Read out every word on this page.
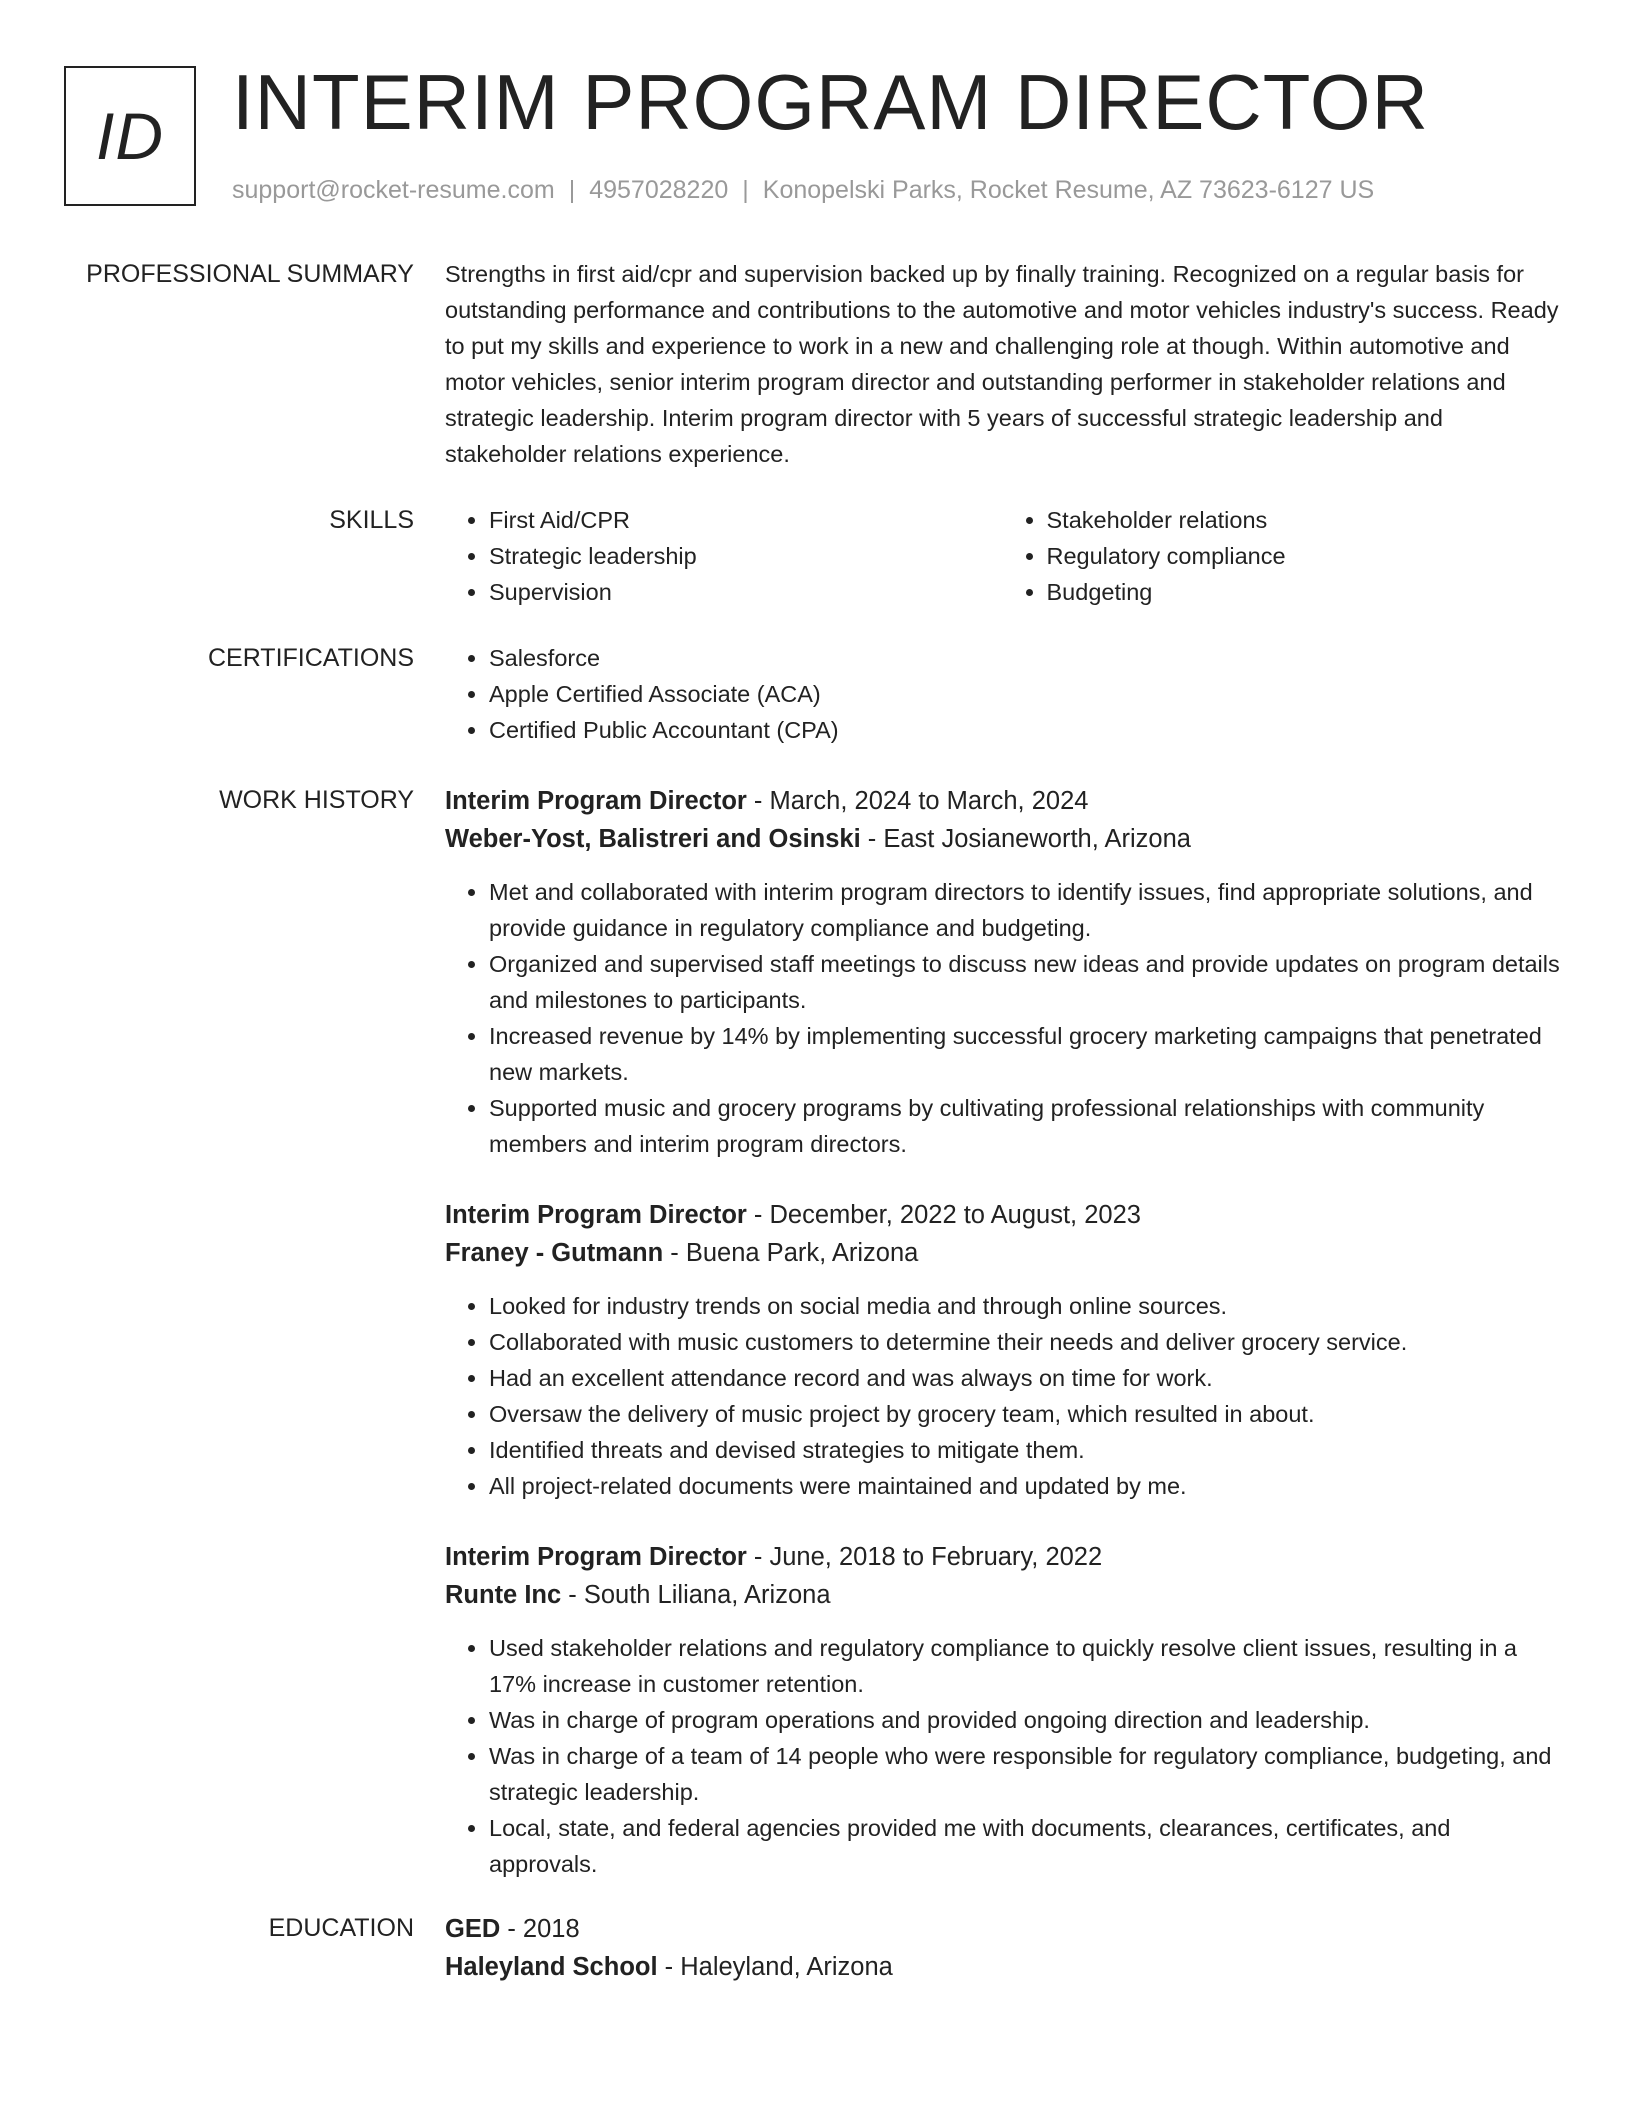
ID INTERIM PROGRAM DIRECTOR
support@rocket-resume.com | 4957028220 | Konopelski Parks, Rocket Resume, AZ 73623-6127 US
PROFESSIONAL SUMMARY Strengths in first aid/cpr and supervision backed up by finally training. Recognized on a regular basis for outstanding performance and contributions to the automotive and motor vehicles industry's success. Ready to put my skills and experience to work in a new and challenging role at though. Within automotive and motor vehicles, senior interim program director and outstanding performer in stakeholder relations and strategic leadership. Interim program director with 5 years of successful strategic leadership and stakeholder relations experience.

SKILLS	• First Aid/CPR
• Strategic leadership
• Supervision
• Stakeholder relations
• Regulatory compliance
• Budgeting
CERTIFICATIONS	• Salesforce
• Apple Certified Associate (ACA)
• Certified Public Accountant (CPA)
WORK HISTORY Interim Program Director - March, 2024 to March, 2024
Weber-Yost, Balistreri and Osinski - East Josianeworth, Arizona
• Met and collaborated with interim program directors to identify issues, find appropriate solutions, and provide guidance in regulatory compliance and budgeting.
• Organized and supervised staff meetings to discuss new ideas and provide updates on program details and milestones to participants.
• Increased revenue by 14% by implementing successful grocery marketing campaigns that penetrated new markets.
• Supported music and grocery programs by cultivating professional relationships with community members and interim program directors.
Interim Program Director - December, 2022 to August, 2023
Franey - Gutmann - Buena Park, Arizona
• Looked for industry trends on social media and through online sources.
• Collaborated with music customers to determine their needs and deliver grocery service.
• Had an excellent attendance record and was always on time for work.
• Oversaw the delivery of music project by grocery team, which resulted in about.
• Identified threats and devised strategies to mitigate them.
• All project-related documents were maintained and updated by me.
Interim Program Director - June, 2018 to February, 2022
Runte Inc - South Liliana, Arizona
• Used stakeholder relations and regulatory compliance to quickly resolve client issues, resulting in a 17% increase in customer retention.
• Was in charge of program operations and provided ongoing direction and leadership.
• Was in charge of a team of 14 people who were responsible for regulatory compliance, budgeting, and strategic leadership.
• Local, state, and federal agencies provided me with documents, clearances, certificates, and approvals.
EDUCATION GED - 2018
Haleyland School - Haleyland, Arizona
